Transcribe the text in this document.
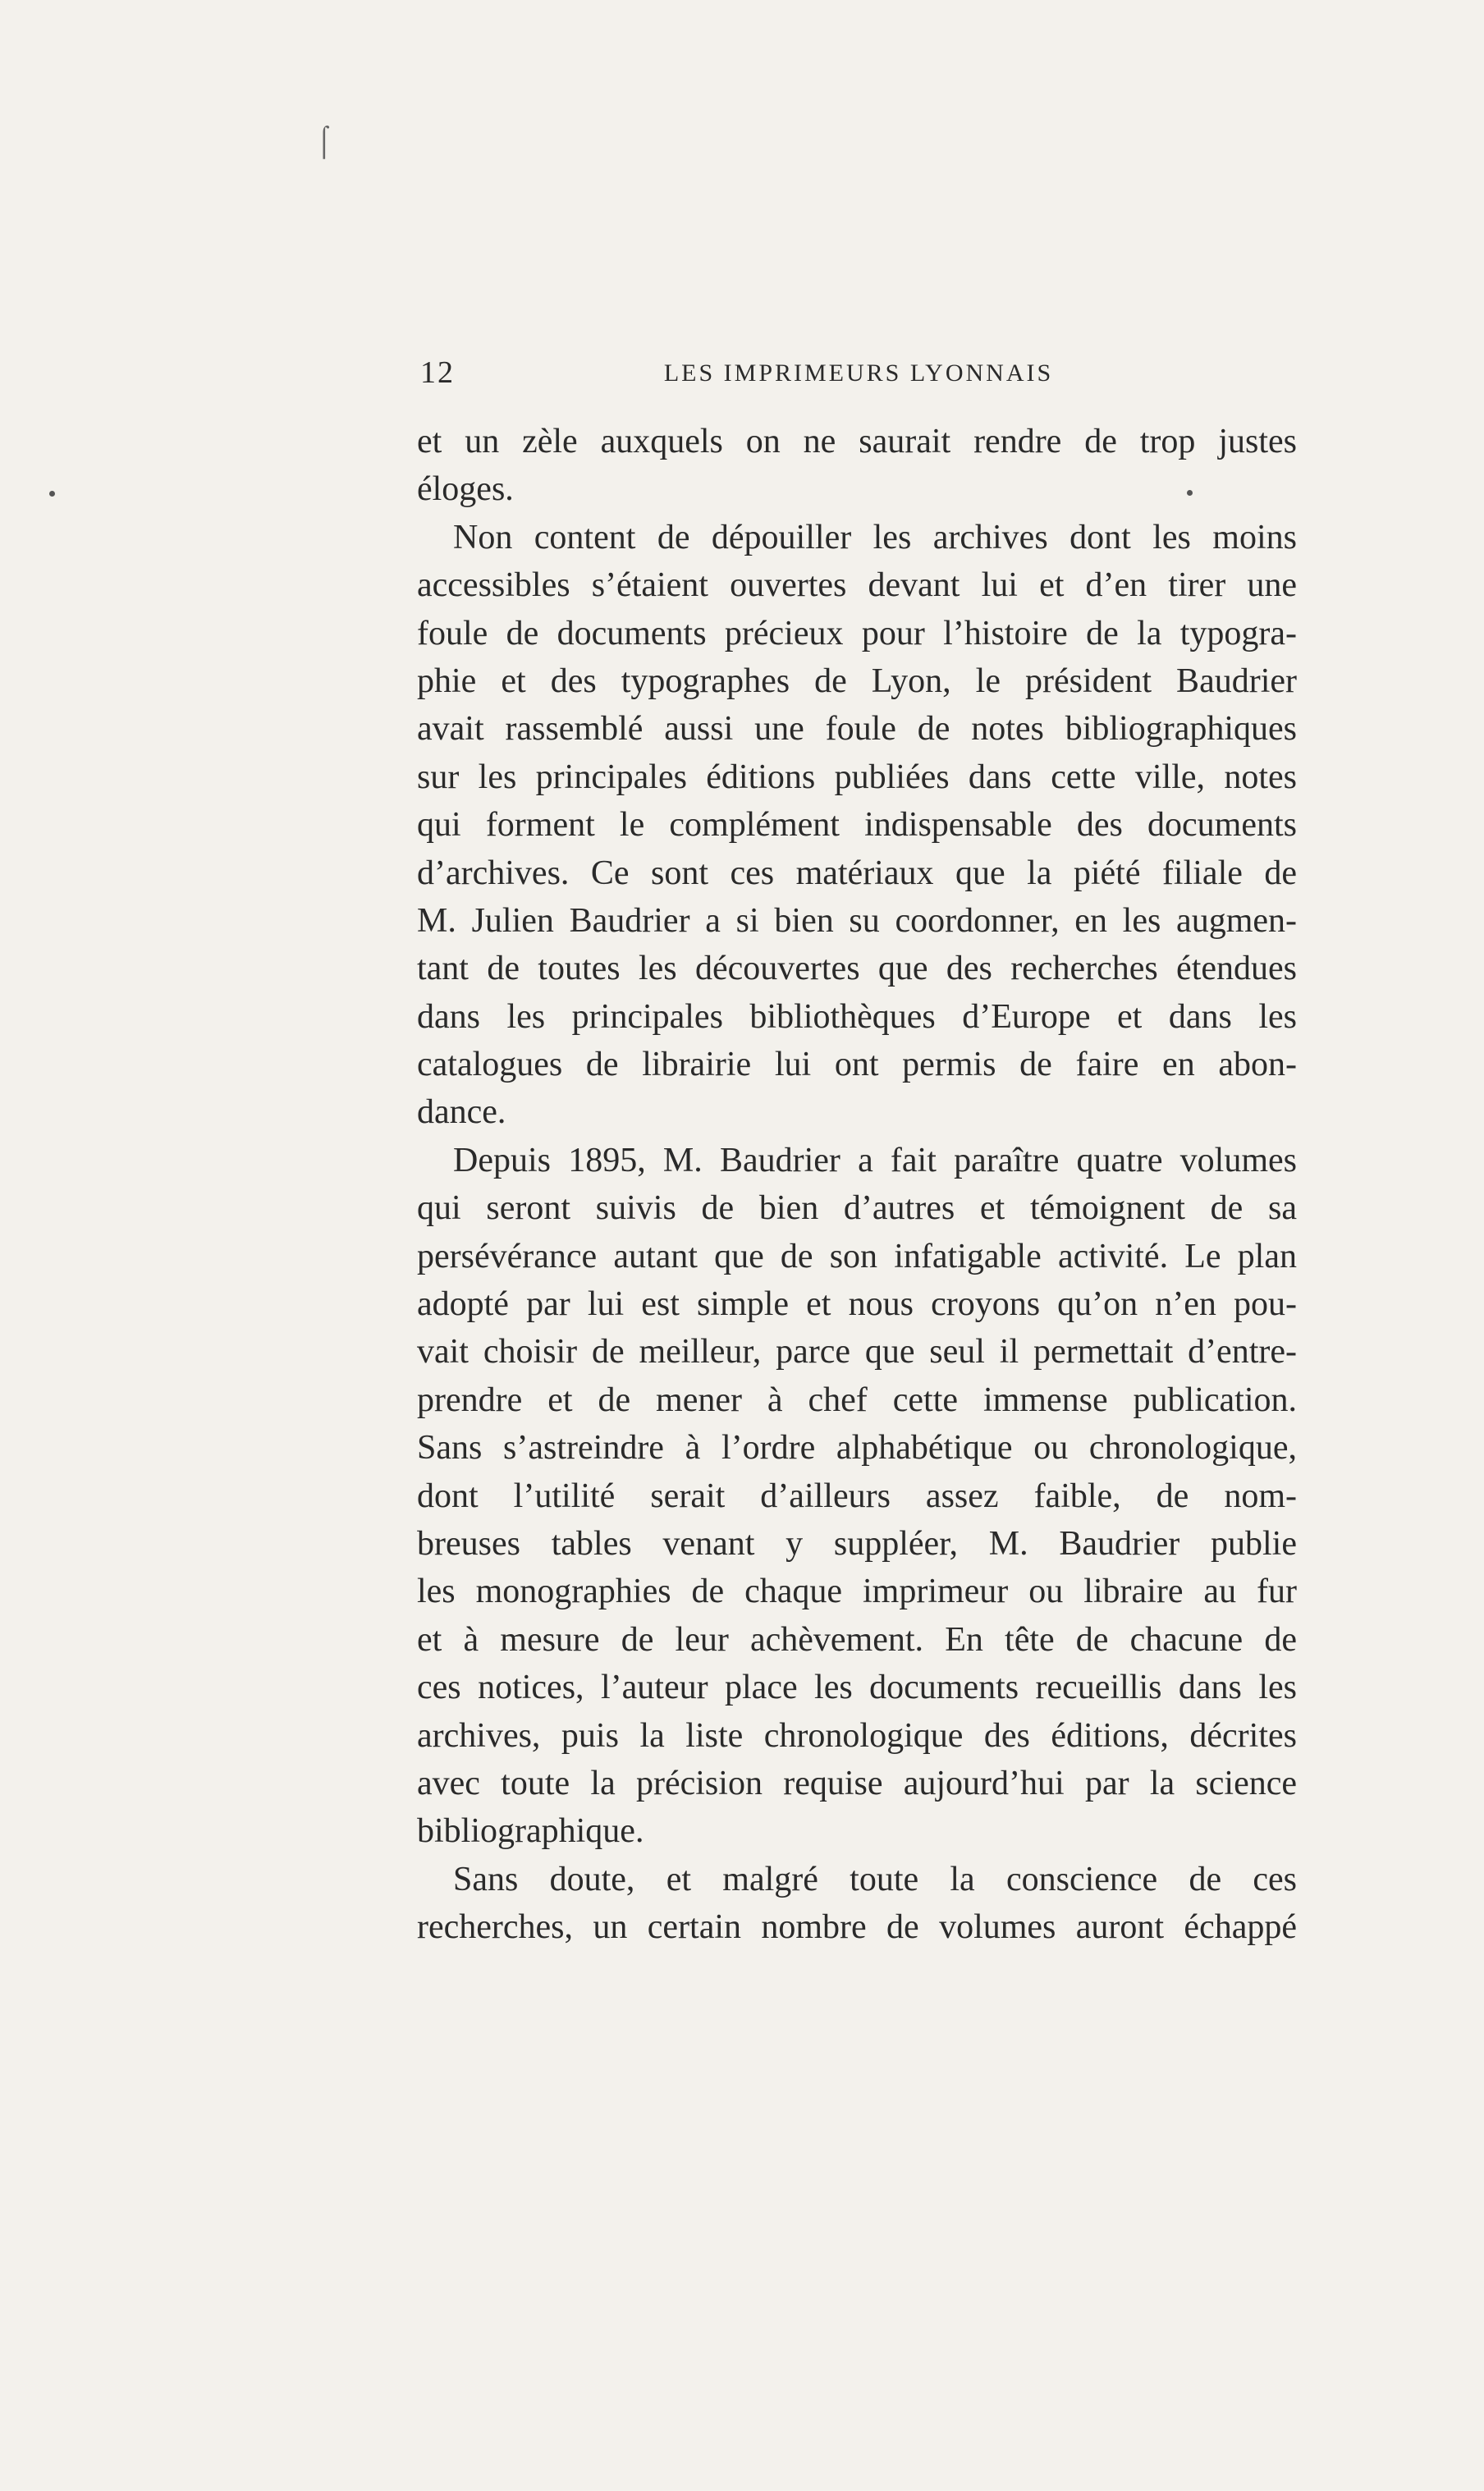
⌠
12	LES IMPRIMEURS LYONNAIS
et un zèle auxquels on ne saurait rendre de trop justes
éloges.
Non content de dépouiller les archives dont les moins
accessibles s’étaient ouvertes devant lui et d’en tirer une
foule de documents précieux pour l’histoire de la typogra-
phie et des typographes de Lyon, le président Baudrier
avait rassemblé aussi une foule de notes bibliographiques
sur les principales éditions publiées dans cette ville, notes
qui forment le complément indispensable des documents
d’archives. Ce sont ces matériaux que la piété filiale de
M. Julien Baudrier a si bien su coordonner, en les augmen-
tant de toutes les découvertes que des recherches étendues
dans les principales bibliothèques d’Europe et dans les
catalogues de librairie lui ont permis de faire en abon-
dance.
Depuis 1895, M. Baudrier a fait paraître quatre volumes
qui seront suivis de bien d’autres et témoignent de sa
persévérance autant que de son infatigable activité. Le plan
adopté par lui est simple et nous croyons qu’on n’en pou-
vait choisir de meilleur, parce que seul il permettait d’entre-
prendre et de mener à chef cette immense publication.
Sans s’astreindre à l’ordre alphabétique ou chronologique,
dont l’utilité serait d’ailleurs assez faible, de nom-
breuses tables venant y suppléer, M. Baudrier publie
les monographies de chaque imprimeur ou libraire au fur
et à mesure de leur achèvement. En tête de chacune de
ces notices, l’auteur place les documents recueillis dans les
archives, puis la liste chronologique des éditions, décrites
avec toute la précision requise aujourd’hui par la science
bibliographique.
Sans doute, et malgré toute la conscience de ces
recherches, un certain nombre de volumes auront échappé
